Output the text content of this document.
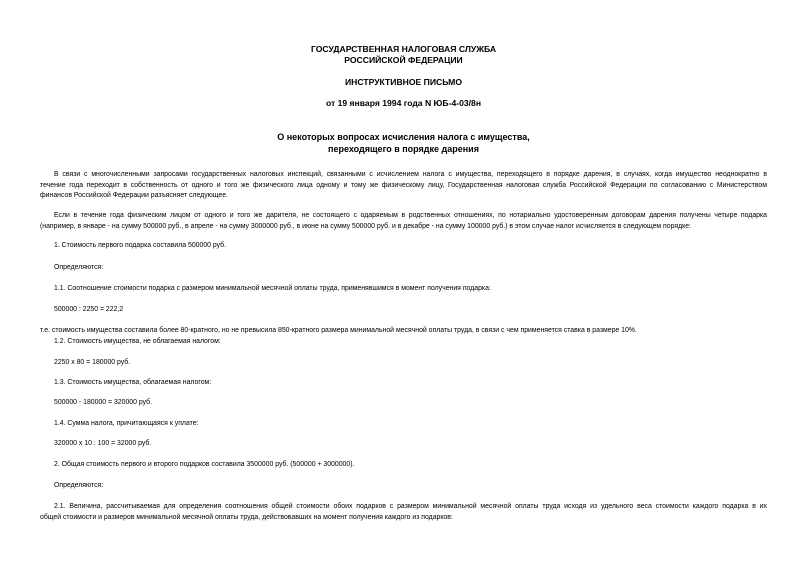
ГОСУДАРСТВЕННАЯ НАЛОГОВАЯ СЛУЖБА
РОССИЙСКОЙ ФЕДЕРАЦИИ
ИНСТРУКТИВНОЕ ПИСЬМО
от 19 января 1994 года N ЮБ-4-03/8н
О некоторых вопросах исчисления налога с имущества,
переходящего в порядке дарения
В связи с многочисленными запросами государственных налоговых инспекций, связанными с исчислением налога с имущества, переходящего в порядке дарения, в случаях, когда имущество неоднократно в
течение года переходит в собственность от одного и того же физического лица одному и тому же физическому лицу, Государственная налоговая служба Российской Федерации по согласованию с Министерством
финансов Российской Федерации разъясняет следующее.
Если в течение года физическим лицом от одного и того же дарителя, не состоящего с одаряемым в родственных отношениях, по нотариально удостоверенным договорам дарения получены четыре подарка
(например, в январе - на сумму 500000 руб., в апреле - на сумму 3000000 руб., в июне на сумму 500000 руб. и в декабре - на сумму 100000 руб.) в этом случае налог исчисляется в следующем порядке:
1. Стоимость первого подарка составила 500000 руб.
Определяются:
1.1. Соотношение стоимости подарка с размером минимальной месячной оплаты труда, применявшимся в момент получения подарка:
500000 : 2250 = 222,2
т.е. стоимость имущества составила более 80-кратного, но не превысила 850-кратного размера минимальной месячной оплаты труда, в связи с чем применяется ставка в размере 10%.
1.2. Стоимость имущества, не облагаемая налогом:
2250 x 80 = 180000 руб.
1.3. Стоимость имущества, облагаемая налогом:
500000 - 180000 = 320000 руб.
1.4. Сумма налога, причитающаяся к уплате:
320000 x 10 : 100 = 32000 руб.
2. Общая стоимость первого и второго подарков составила 3500000 руб. (500000 + 3000000).
Определяются:
2.1. Величина, рассчитываемая для определения соотношения общей стоимости обоих подарков с размером минимальной месячной оплаты труда исходя из удельного веса стоимости каждого подарка в их
общей стоимости и размеров минимальной месячной оплаты труда, действовавших на момент получения каждого из подарков:
